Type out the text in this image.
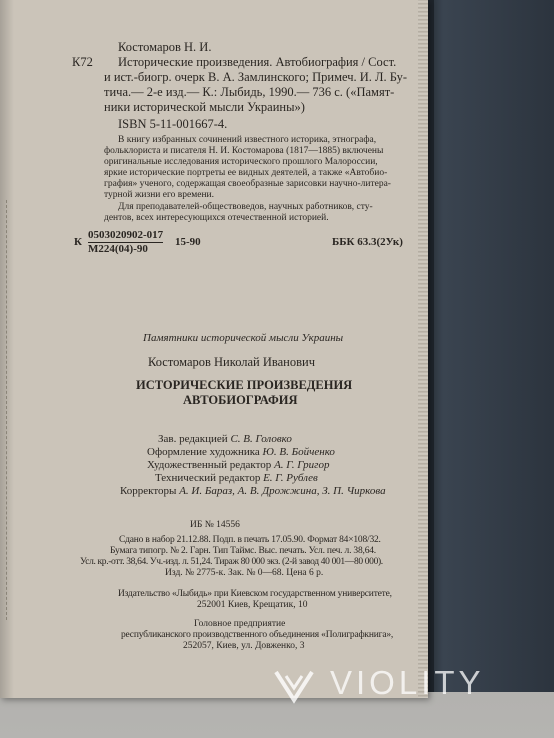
К72
Костомаров Н. И.
Исторические произведения. Автобиография / Сост.
и ист.-биогр. очерк В. А. Замлинского; Примеч. И. Л. Бу-
тича.— 2-е изд.— К.: Лыбидь, 1990.— 736 с. («Памят-
ники исторической мысли Украины»)
ISBN 5-11-001667-4.
В книгу избранных сочинений известного историка, этнографа,
фольклориста и писателя Н. И. Костомарова (1817—1885) включены
оригинальные исследования исторического прошлого Малороссии,
яркие исторические портреты ее видных деятелей, а также «Автобио-
графия» ученого, содержащая своеобразные зарисовки научно-литера-
турной жизни его времени.
Для преподавателей-обществоведов, научных работников, сту-
дентов, всех интересующихся отечественной историей.
К
0503020902-017
М224(04)-90
15-90	ББК 63.3(2Ук)
Памятники исторической мысли Украины
Костомаров Николай Иванович
ИСТОРИЧЕСКИЕ ПРОИЗВЕДЕНИЯ
АВТОБИОГРАФИЯ
Зав. редакцией С. В. Головко
Оформление художника Ю. В. Бойченко
Художественный редактор А. Г. Григор
Технический редактор Е. Г. Рублев
Корректоры А. И. Бараз, А. В. Дрожжина, З. П. Чиркова
ИБ № 14556
Сдано в набор 21.12.88. Подп. в печать 17.05.90. Формат 84×108/32.
Бумага типогр. № 2. Гарн. Тип Таймс. Выс. печать. Усл. печ. л. 38,64.
Усл. кр.-отт. 38,64. Уч.-изд. л. 51,24. Тираж 80 000 экз. (2-й завод 40 001—80 000).
Изд. № 2775-к. Зак. № 0—68. Цена 6 р.
Издательство «Лыбидь» при Киевском государственном университете,
252001 Киев, Крещатик, 10
Головное предприятие
республиканского производственного объединения «Полиграфкнига»,
252057, Киев, ул. Довженко, 3
VIOLITY
